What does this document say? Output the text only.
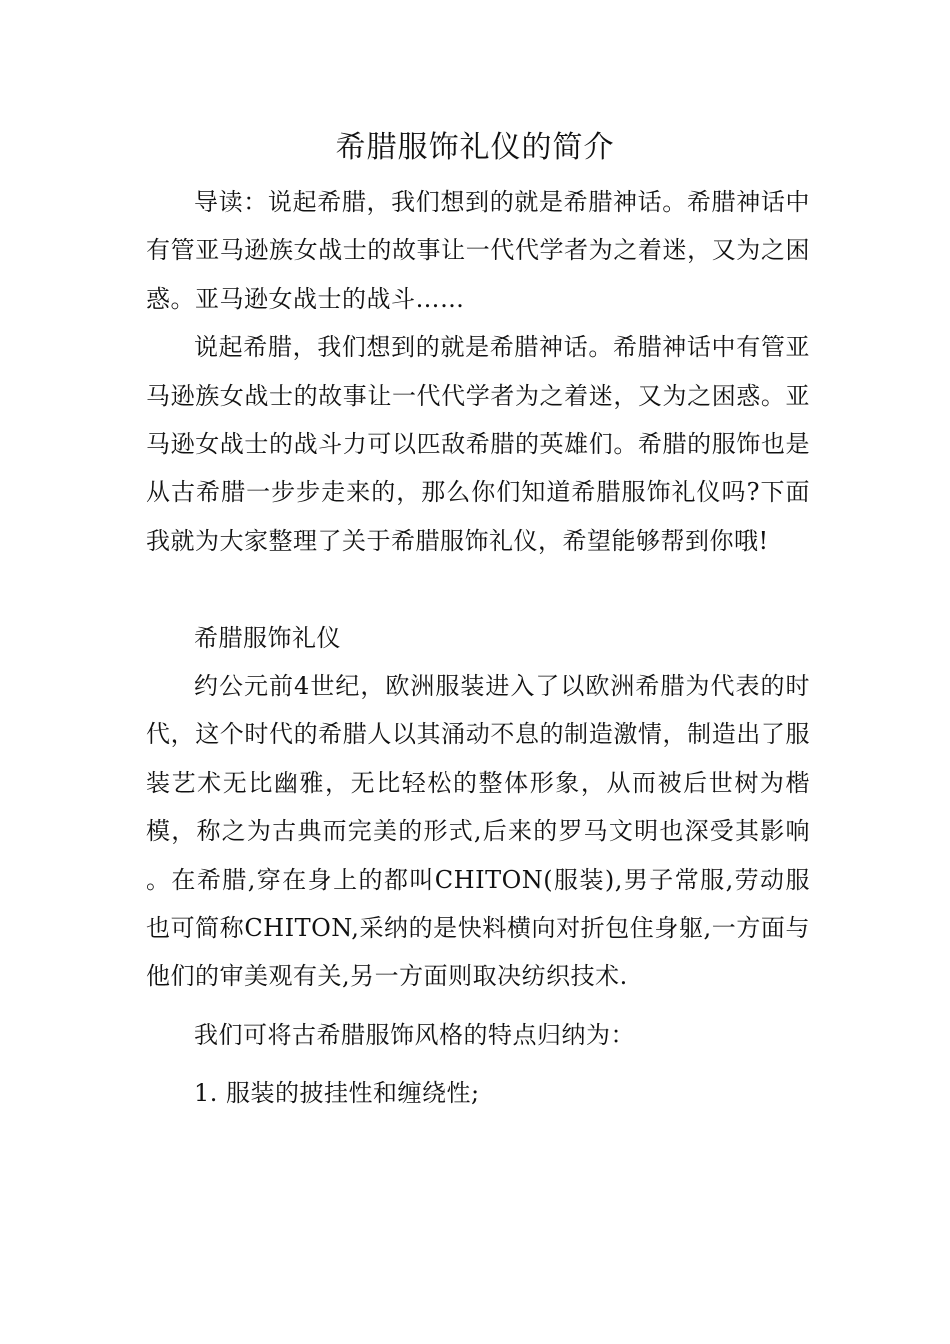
希腊服饰礼仪的简介

导读：说起希腊，我们想到的就是希腊神话。希腊神话中有管亚马逊族女战士的故事让一代代学者为之着迷，又为之困惑。亚马逊女战士的战斗……

说起希腊，我们想到的就是希腊神话。希腊神话中有管亚马逊族女战士的故事让一代代学者为之着迷，又为之困惑。亚马逊女战士的战斗力可以匹敌希腊的英雄们。希腊的服饰也是从古希腊一步步走来的，那么你们知道希腊服饰礼仪吗?下面我就为大家整理了关于希腊服饰礼仪，希望能够帮到你哦!

希腊服饰礼仪

约公元前4世纪，欧洲服装进入了以欧洲希腊为代表的时代，这个时代的希腊人以其涌动不息的制造激情，制造出了服装艺术无比幽雅，无比轻松的整体形象，从而被后世树为楷模，称之为古典而完美的形式,后来的罗马文明也深受其影响 。在希腊,穿在身上的都叫CHITON(服装),男子常服,劳动服也可简称CHITON,采纳的是快料横向对折包住身躯,一方面与他们的审美观有关,另一方面则取决纺织技术.

我们可将古希腊服饰风格的特点归纳为：

1. 服装的披挂性和缠绕性;
